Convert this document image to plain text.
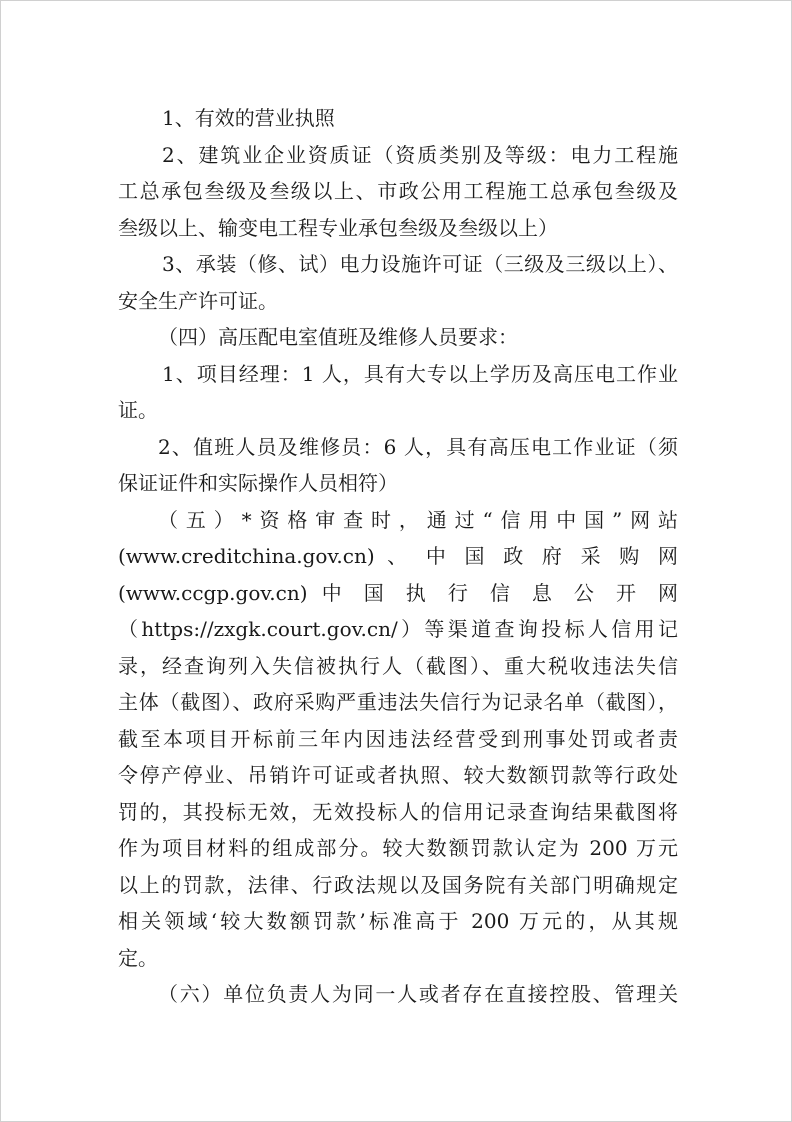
1、有效的营业执照
2、建筑业企业资质证（资质类别及等级：电力工程施
工总承包叁级及叁级以上、市政公用工程施工总承包叁级及
叁级以上、输变电工程专业承包叁级及叁级以上）
3、承装（修、试）电力设施许可证（三级及三级以上）、
安全生产许可证。
（四）高压配电室值班及维修人员要求：
1、项目经理：1 人，具有大专以上学历及高压电工作业
证。
2、值班人员及维修员：6 人，具有高压电工作业证（须
保证证件和实际操作人员相符）
（五）*资格审查时，通过“信用中国”网站
(www.creditchina.gov.cn) 、 中 国 政 府 采 购 网
(www.ccgp.gov.cn) 中 国 执 行 信 息 公 开 网
（https://zxgk.court.gov.cn/）等渠道查询投标人信用记
录，经查询列入失信被执行人（截图）、重大税收违法失信
主体（截图）、政府采购严重违法失信行为记录名单（截图），
截至本项目开标前三年内因违法经营受到刑事处罚或者责
令停产停业、吊销许可证或者执照、较大数额罚款等行政处
罚的，其投标无效，无效投标人的信用记录查询结果截图将
作为项目材料的组成部分。较大数额罚款认定为 200 万元
以上的罚款，法律、行政法规以及国务院有关部门明确规定
相关领域‘较大数额罚款’标准高于 200 万元的，从其规
定。
（六）单位负责人为同一人或者存在直接控股、管理关
